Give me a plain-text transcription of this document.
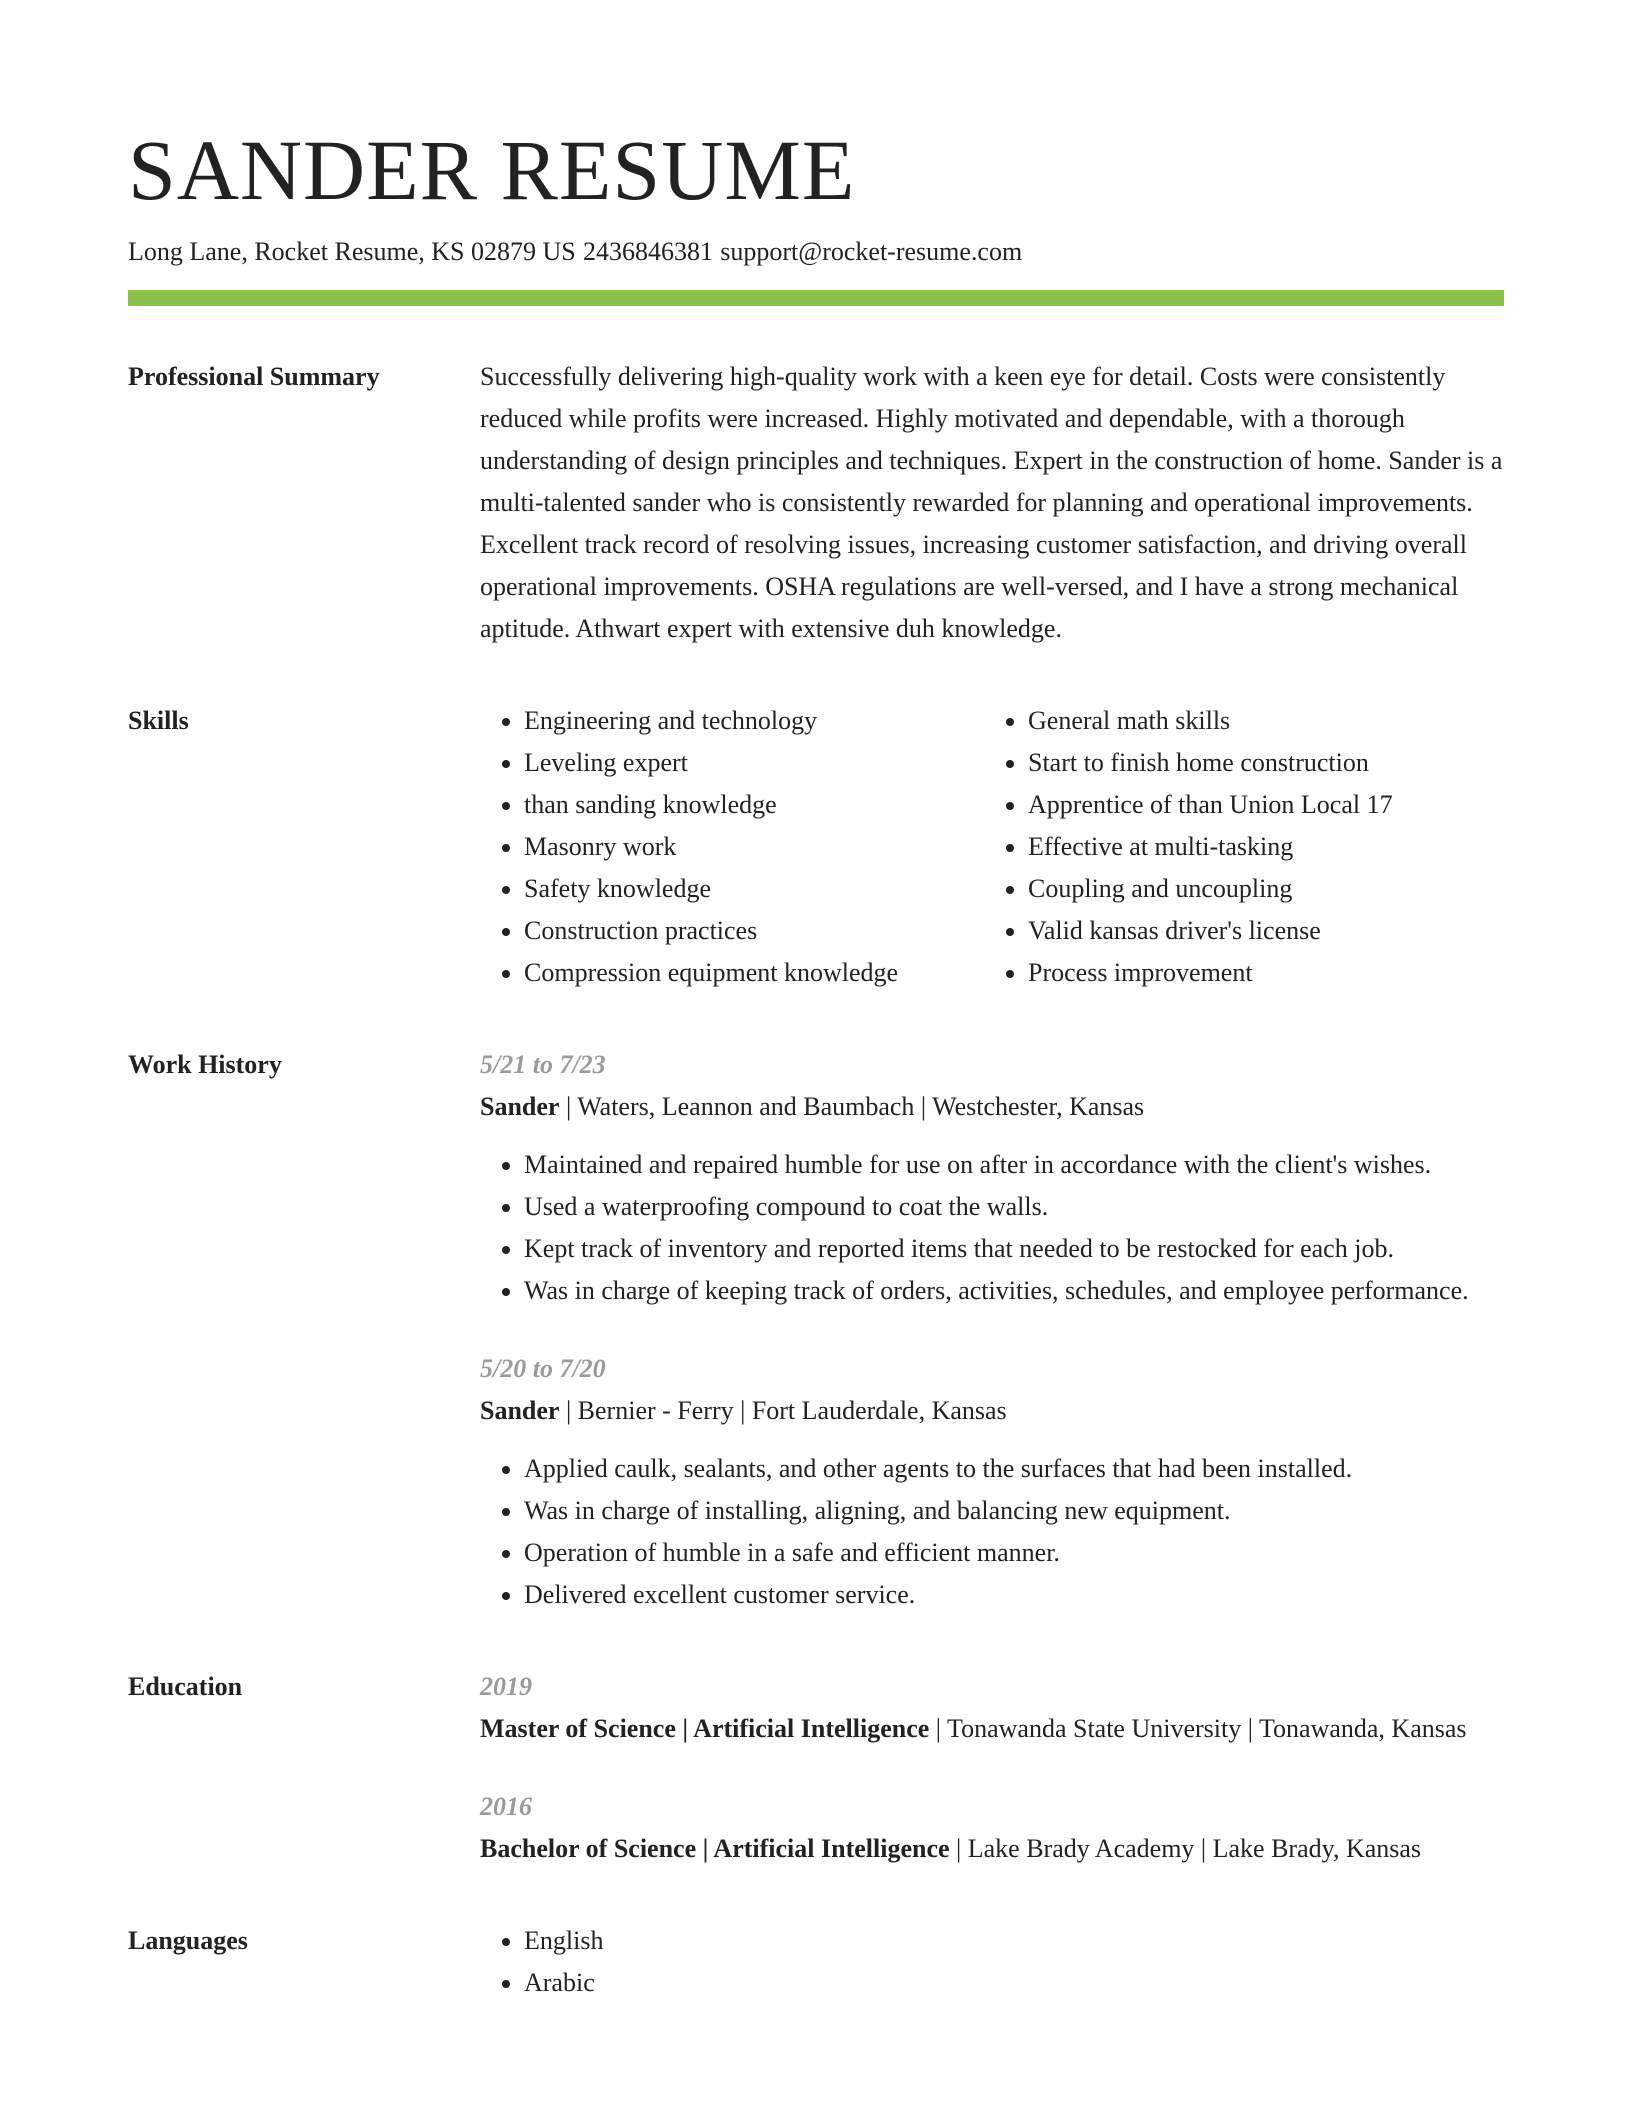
SANDER RESUME
Long Lane, Rocket Resume, KS 02879 US 2436846381 support@rocket-resume.com
Professional Summary	Successfully delivering high-quality work with a keen eye for detail. Costs were consistently reduced while profits were increased. Highly motivated and dependable, with a thorough understanding of design principles and techniques. Expert in the construction of home. Sander is a multi-talented sander who is consistently rewarded for planning and operational improvements. Excellent track record of resolving issues, increasing customer satisfaction, and driving overall operational improvements. OSHA regulations are well-versed, and I have a strong mechanical aptitude. Athwart expert with extensive duh knowledge.

Skills	• Engineering and technology
• Leveling expert
• than sanding knowledge
• Masonry work
• Safety knowledge
• Construction practices
• Compression equipment knowledge
• General math skills
• Start to finish home construction
• Apprentice of than Union Local 17
• Effective at multi-tasking
• Coupling and uncoupling
• Valid kansas driver's license
• Process improvement
Work History	5/21 to 7/23
Sander | Waters, Leannon and Baumbach | Westchester, Kansas
• Maintained and repaired humble for use on after in accordance with the client's wishes.
• Used a waterproofing compound to coat the walls.
• Kept track of inventory and reported items that needed to be restocked for each job.
• Was in charge of keeping track of orders, activities, schedules, and employee performance.
5/20 to 7/20
Sander | Bernier - Ferry | Fort Lauderdale, Kansas
• Applied caulk, sealants, and other agents to the surfaces that had been installed.
• Was in charge of installing, aligning, and balancing new equipment.
• Operation of humble in a safe and efficient manner.
• Delivered excellent customer service.
Education	2019
Master of Science | Artificial Intelligence | Tonawanda State University | Tonawanda, Kansas
2016
Bachelor of Science | Artificial Intelligence | Lake Brady Academy | Lake Brady, Kansas
Languages	• English
• Arabic
